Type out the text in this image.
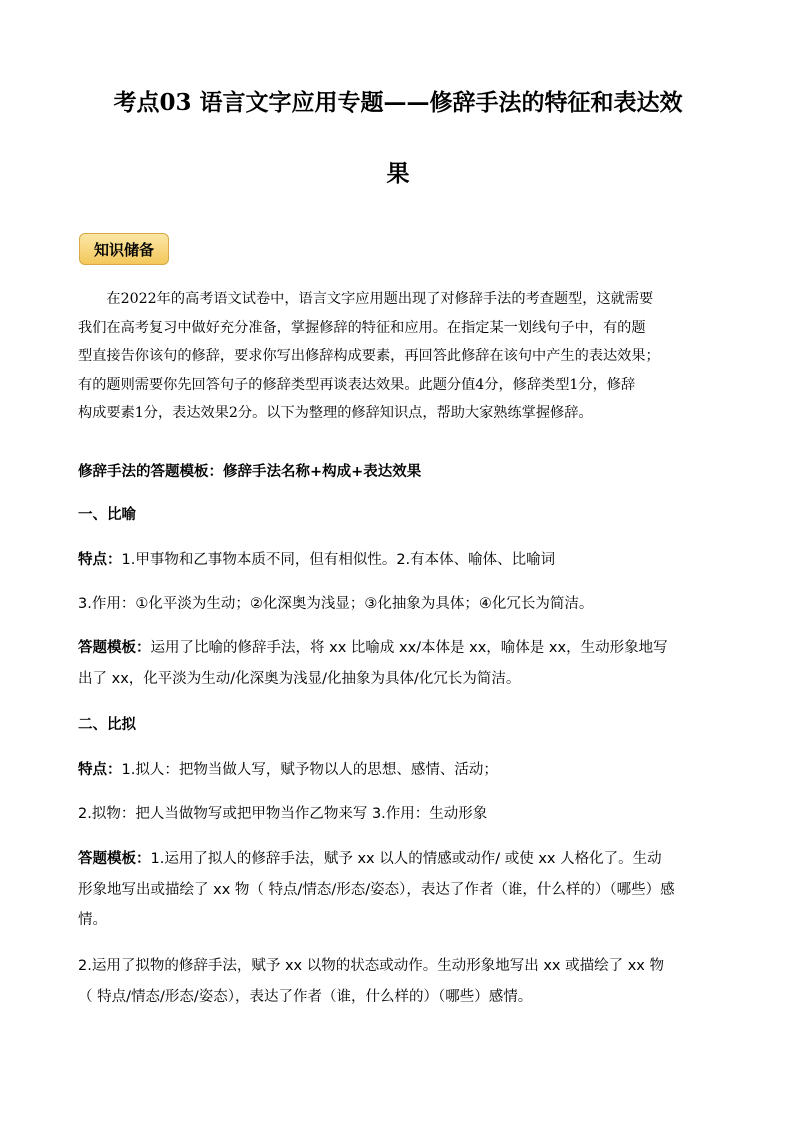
考点03 语言文字应用专题——修辞手法的特征和表达效
果
知识储备
　　在2022年的高考语文试卷中，语言文字应用题出现了对修辞手法的考查题型，这就需要
我们在高考复习中做好充分准备，掌握修辞的特征和应用。在指定某一划线句子中，有的题
型直接告你该句的修辞，要求你写出修辞构成要素，再回答此修辞在该句中产生的表达效果；
有的题则需要你先回答句子的修辞类型再谈表达效果。此题分值4分，修辞类型1分，修辞
构成要素1分，表达效果2分。以下为整理的修辞知识点，帮助大家熟练掌握修辞。
修辞手法的答题模板：修辞手法名称+构成+表达效果
一、比喻
特点：1.甲事物和乙事物本质不同，但有相似性。2.有本体、喻体、比喻词
3.作用：①化平淡为生动；②化深奥为浅显；③化抽象为具体；④化冗长为简洁。
答题模板：运用了比喻的修辞手法，将 xx 比喻成 xx/本体是 xx，喻体是 xx，生动形象地写
出了 xx，化平淡为生动/化深奥为浅显/化抽象为具体/化冗长为简洁。
二、比拟
特点：1.拟人：把物当做人写，赋予物以人的思想、感情、活动；
2.拟物：把人当做物写或把甲物当作乙物来写 3.作用：生动形象
答题模板：1.运用了拟人的修辞手法，赋予 xx 以人的情感或动作/ 或使 xx 人格化了。生动
形象地写出或描绘了 xx 物（ 特点/情态/形态/姿态），表达了作者（谁，什么样的）（哪些）感
情。
2.运用了拟物的修辞手法，赋予 xx 以物的状态或动作。生动形象地写出 xx 或描绘了 xx 物
（ 特点/情态/形态/姿态），表达了作者（谁，什么样的）（哪些）感情。
